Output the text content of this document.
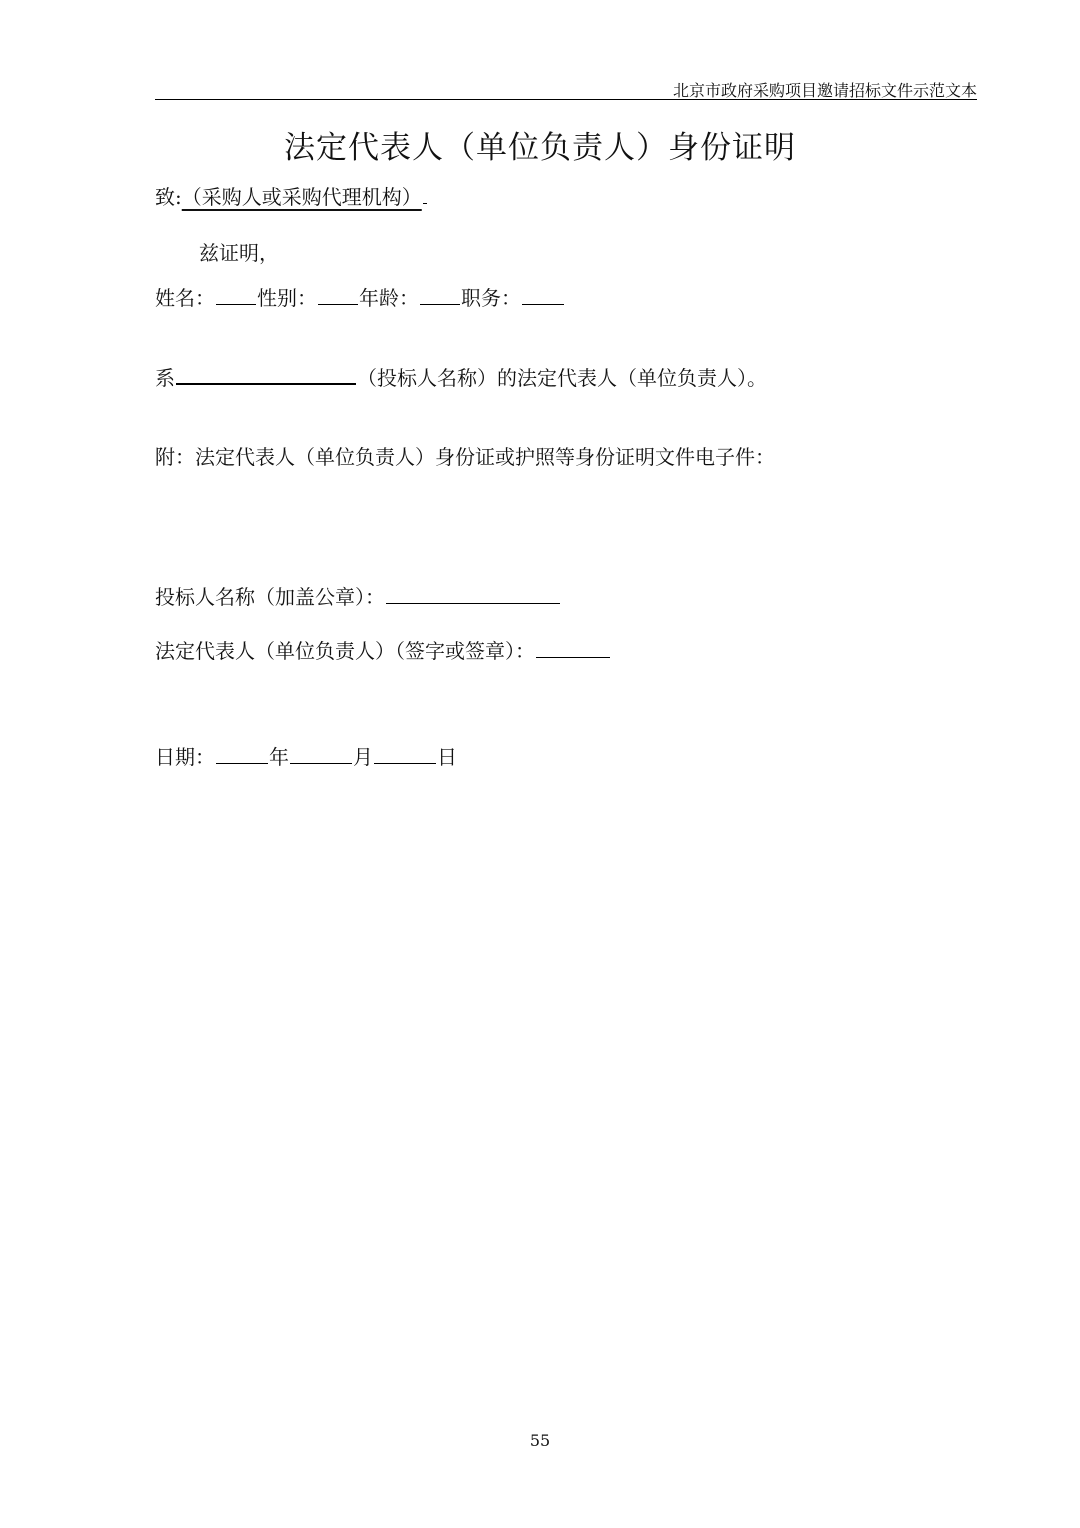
北京市政府采购项目邀请招标文件示范文本
法定代表人（单位负责人）身份证明
致:（采购人或采购代理机构）
兹证明，
姓名： 性别： 年龄： 职务：
系	（投标人名称）的法定代表人（单位负责人）。
附：法定代表人（单位负责人）身份证或护照等身份证明文件电子件：
投标人名称（加盖公章）：
法定代表人（单位负责人）（签字或签章）：
日期：	年	月	日
55
